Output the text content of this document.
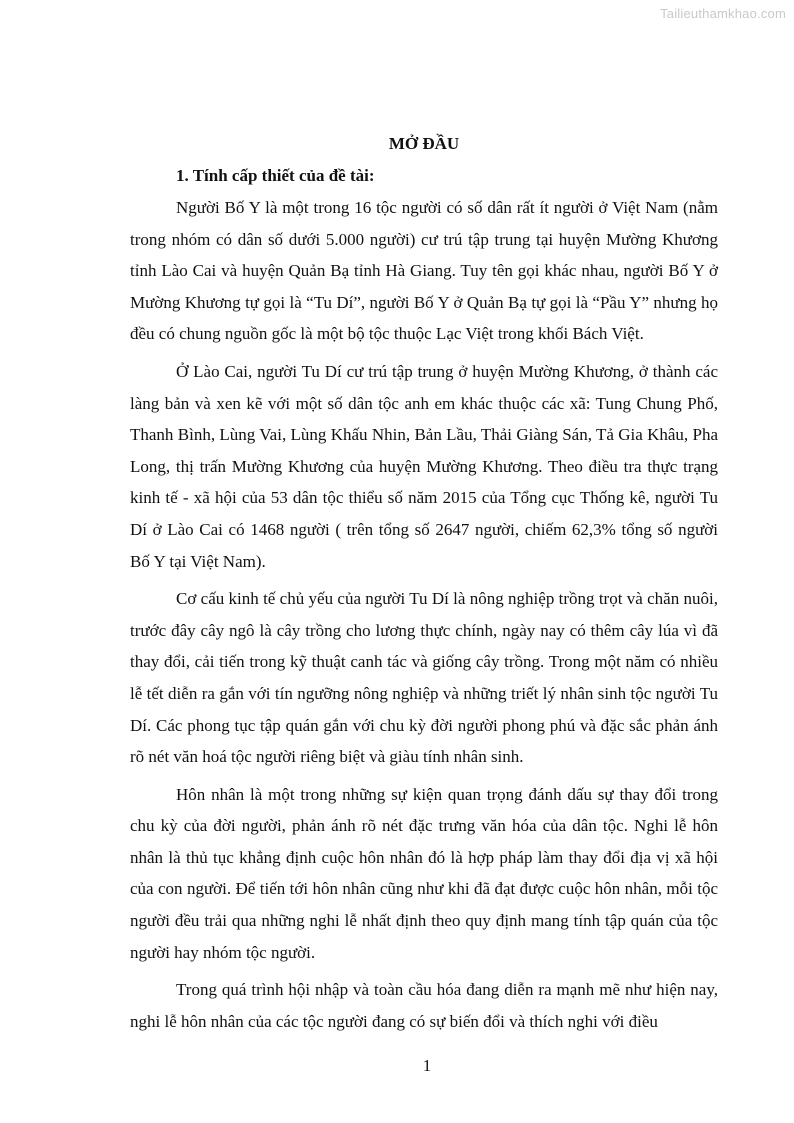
Tailieuthamkhao.com
MỞ ĐẦU

1. Tính cấp thiết của đề tài:

Người Bố Y là một trong 16 tộc người có số dân rất ít người ở Việt Nam (nằm trong nhóm có dân số dưới 5.000 người) cư trú tập trung tại huyện Mường Khương tỉnh Lào Cai và huyện Quản Bạ tỉnh Hà Giang. Tuy tên gọi khác nhau, người Bố Y ở Mường Khương tự gọi là “Tu Dí”, người Bố Y ở Quản Bạ tự gọi là “Pầu Y” nhưng họ đều có chung nguồn gốc là một bộ tộc thuộc Lạc Việt trong khối Bách Việt.

Ở Lào Cai, người Tu Dí cư trú tập trung ở huyện Mường Khương, ở thành các làng bản và xen kẽ với một số dân tộc anh em khác thuộc các xã: Tung Chung Phố, Thanh Bình, Lùng Vai, Lùng Khấu Nhin, Bản Lầu, Thải Giàng Sán, Tả Gia Khâu, Pha Long, thị trấn Mường Khương của huyện Mường Khương. Theo điều tra thực trạng kinh tế - xã hội của 53 dân tộc thiểu số năm 2015 của Tổng cục Thống kê, người Tu Dí ở Lào Cai có 1468 người ( trên tổng số 2647 người, chiếm 62,3% tổng số người Bố Y tại Việt Nam).

Cơ cấu kinh tế chủ yếu của người Tu Dí là nông nghiệp trồng trọt và chăn nuôi, trước đây cây ngô là cây trồng cho lương thực chính, ngày nay có thêm cây lúa vì đã thay đổi, cải tiến trong kỹ thuật canh tác và giống cây trồng. Trong một năm có nhiều lễ tết diễn ra gắn với tín ngưỡng nông nghiệp và những triết lý nhân sinh tộc người Tu Dí. Các phong tục tập quán gắn với chu kỳ đời người phong phú và đặc sắc phản ánh rõ nét văn hoá tộc người riêng biệt và giàu tính nhân sinh.

Hôn nhân là một trong những sự kiện quan trọng đánh dấu sự thay đổi trong chu kỳ của đời người, phản ánh rõ nét đặc trưng văn hóa của dân tộc. Nghi lễ hôn nhân là thủ tục khẳng định cuộc hôn nhân đó là hợp pháp làm thay đổi địa vị xã hội của con người. Để tiến tới hôn nhân cũng như khi đã đạt được cuộc hôn nhân, mỗi tộc người đều trải qua những nghi lễ nhất định theo quy định mang tính tập quán của tộc người hay nhóm tộc người.

Trong quá trình hội nhập và toàn cầu hóa đang diễn ra mạnh mẽ như hiện nay, nghi lễ hôn nhân của các tộc người đang có sự biến đổi và thích nghi với điều

1
